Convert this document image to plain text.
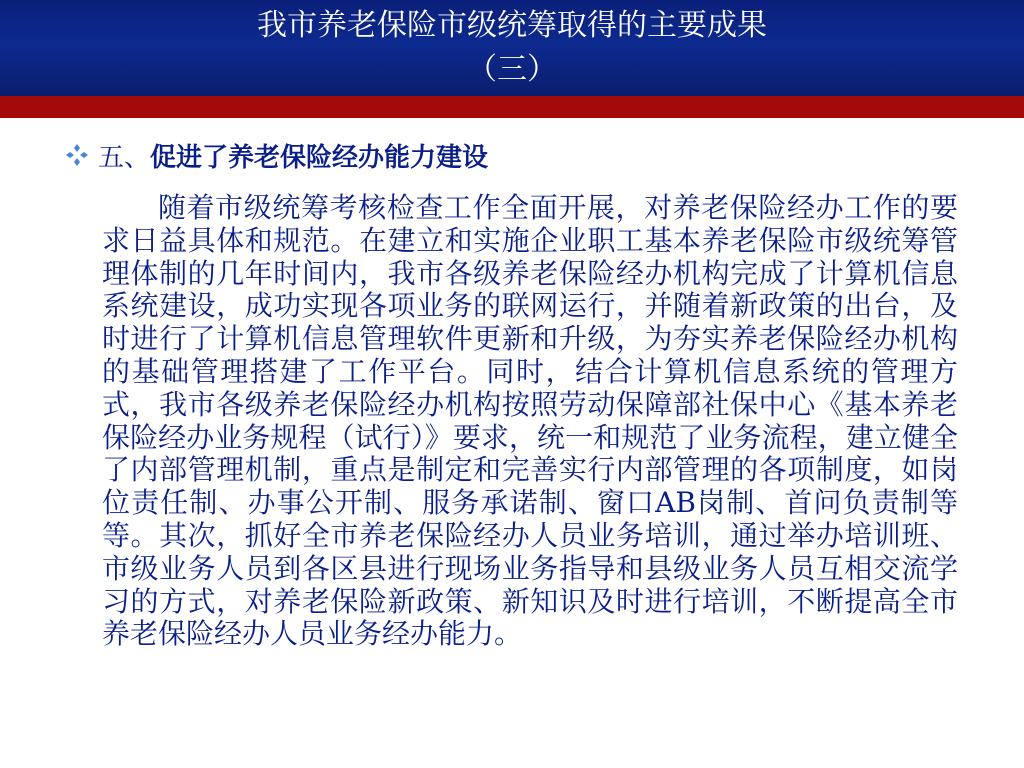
我市养老保险市级统筹取得的主要成果
（三）
五、 促进了养老保险经办能力建设

随着市级统筹考核检查工作全面开展，对养老保险经办工作的要求日益具体和规范。在建立和实施企业职工基本养老保险市级统筹管理体制的几年时间内，我市各级养老保险经办机构完成了计算机信息系统建设，成功实现各项业务的联网运行，并随着新政策的出台，及时进行了计算机信息管理软件更新和升级，为夯实养老保险经办机构的基础管理搭建了工作平台。同时，结合计算机信息系统的管理方式，我市各级养老保险经办机构按照劳动保障部社保中心《基本养老保险经办业务规程（试行）》要求，统一和规范了业务流程，建立健全了内部管理机制，重点是制定和完善实行内部管理的各项制度，如岗位责任制、办事公开制、服务承诺制、窗口AB岗制、首问负责制等等。其次，抓好全市养老保险经办人员业务培训，通过举办培训班、市级业务人员到各区县进行现场业务指导和县级业务人员互相交流学习的方式，对养老保险新政策、新知识及时进行培训，不断提高全市养老保险经办人员业务经办能力。
